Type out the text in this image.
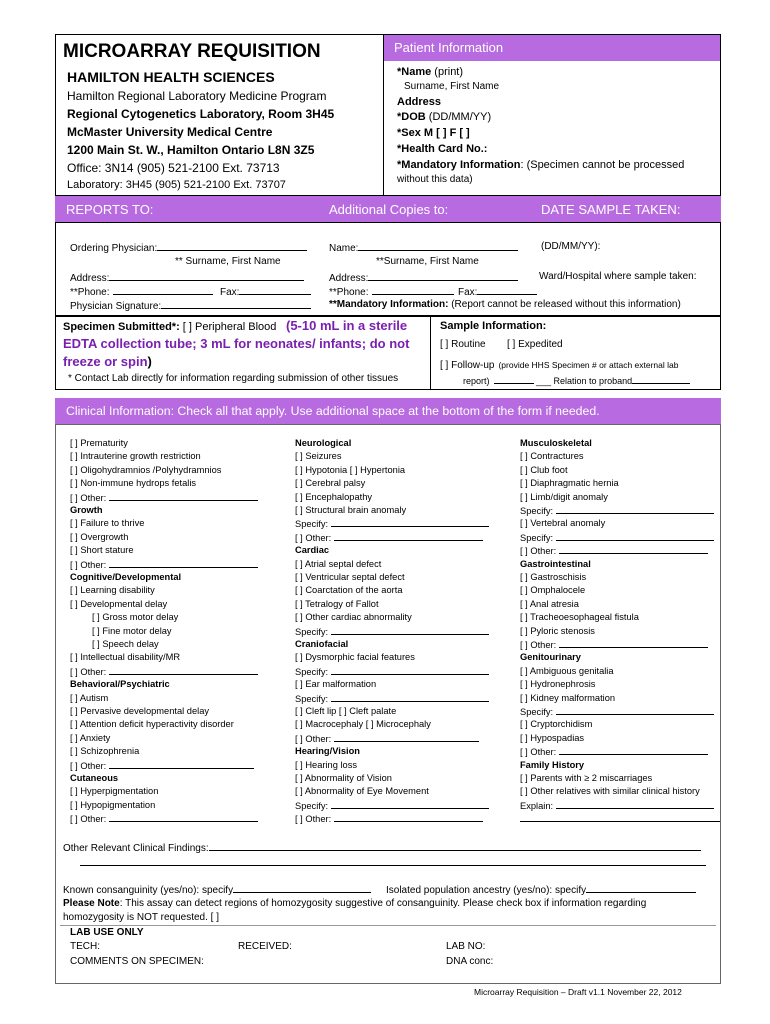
MICROARRAY REQUISITION
HAMILTON HEALTH SCIENCES
Hamilton Regional Laboratory Medicine Program
Regional Cytogenetics Laboratory, Room 3H45
McMaster University Medical Centre
1200 Main St. W., Hamilton Ontario L8N 3Z5
Office: 3N14 (905) 521-2100 Ext. 73713
Laboratory: 3H45 (905) 521-2100 Ext. 73707
Patient Information
*Name (print)
Surname, First Name
Address
*DOB (DD/MM/YY)
*Sex M [ ] F [ ]
*Health Card No.:
*Mandatory Information: (Specimen cannot be processed
without this data)
REPORTS TO:	Additional Copies to:	DATE SAMPLE TAKEN:
Ordering Physician:
** Surname, First Name
Address:
**Phone:	Fax:
Physician Signature:
Name:
**Surname, First Name
Address:
**Phone:	Fax:
**Mandatory Information: (Report cannot be released without this information)
(DD/MM/YY):
Ward/Hospital where sample taken:
Specimen Submitted*: [ ] Peripheral Blood (5-10 mL in a sterile
EDTA collection tube; 3 mL for neonates/ infants; do not
freeze or spin)
* Contact Lab directly for information regarding submission of other tissues
Sample Information:
[ ] Routine [ ] Expedited
[ ] Follow-up (provide HHS Specimen # or attach external lab
report)	___ Relation to proband
Clinical Information: Check all that apply. Use additional space at the bottom of the form if needed.
[ ] Prematurity
[ ] Intrauterine growth restriction
[ ] Oligohydramnios /Polyhydramnios
[ ] Non-immune hydrops fetalis
[ ] Other:
Growth
[ ] Failure to thrive
[ ] Overgrowth
[ ] Short stature
[ ] Other:
Cognitive/Developmental
[ ] Learning disability
[ ] Developmental delay
[ ] Gross motor delay
[ ] Fine motor delay
[ ] Speech delay
[ ] Intellectual disability/MR
[ ] Other:
Behavioral/Psychiatric
[ ] Autism
[ ] Pervasive developmental delay
[ ] Attention deficit hyperactivity disorder
[ ] Anxiety
[ ] Schizophrenia
[ ] Other:
Cutaneous
[ ] Hyperpigmentation
[ ] Hypopigmentation
[ ] Other:
Neurological
[ ] Seizures
[ ] Hypotonia [ ] Hypertonia
[ ] Cerebral palsy
[ ] Encephalopathy
[ ] Structural brain anomaly
Specify:
[ ] Other:
Cardiac
[ ] Atrial septal defect
[ ] Ventricular septal defect
[ ] Coarctation of the aorta
[ ] Tetralogy of Fallot
[ ] Other cardiac abnormality
Specify:
Craniofacial
[ ] Dysmorphic facial features
Specify:
[ ] Ear malformation
Specify:
[ ] Cleft lip [ ] Cleft palate
[ ] Macrocephaly [ ] Microcephaly
[ ] Other:
Hearing/Vision
[ ] Hearing loss
[ ] Abnormality of Vision
[ ] Abnormality of Eye Movement
Specify:
[ ] Other:
Musculoskeletal
[ ] Contractures
[ ] Club foot
[ ] Diaphragmatic hernia
[ ] Limb/digit anomaly
Specify:
[ ] Vertebral anomaly
Specify:
[ ] Other:
Gastrointestinal
[ ] Gastroschisis
[ ] Omphalocele
[ ] Anal atresia
[ ] Tracheoesophageal fistula
[ ] Pyloric stenosis
[ ] Other:
Genitourinary
[ ] Ambiguous genitalia
[ ] Hydronephrosis
[ ] Kidney malformation
Specify:
[ ] Cryptorchidism
[ ] Hypospadias
[ ] Other:
Family History
[ ] Parents with ≥ 2 miscarriages
[ ] Other relatives with similar clinical history
Explain:
Other Relevant Clinical Findings:
Known consanguinity (yes/no): specify	Isolated population ancestry (yes/no): specify
Please Note: This assay can detect regions of homozygosity suggestive of consanguinity. Please check box if information regarding
homozygosity is NOT requested. [ ]
LAB USE ONLY
TECH:	RECEIVED:	LAB NO:
COMMENTS ON SPECIMEN:	DNA conc:
Microarray Requisition – Draft v1.1 November 22, 2012
